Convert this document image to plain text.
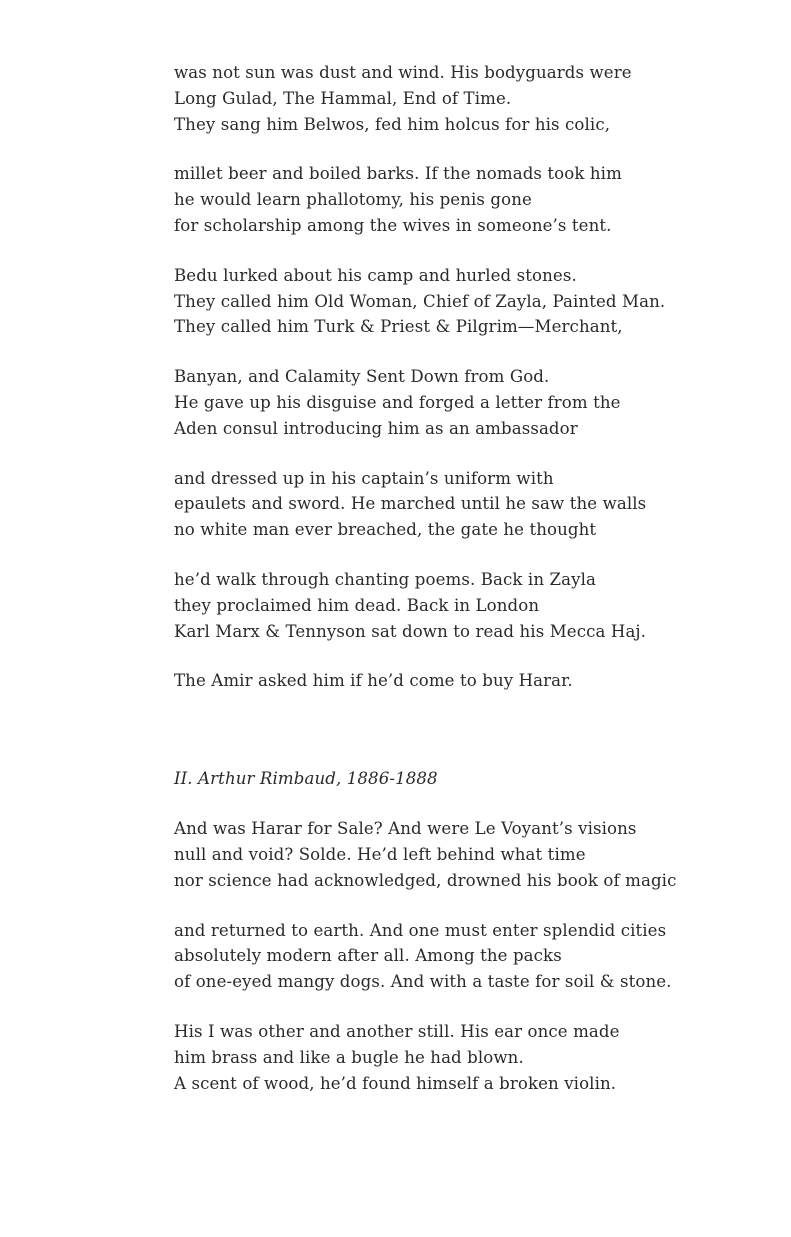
was not sun was dust and wind. His bodyguards were
Long Gulad, The Hammal, End of Time.
They sang him Belwos, fed him holcus for his colic,
millet beer and boiled barks. If the nomads took him
he would learn phallotomy, his penis gone
for scholarship among the wives in someone’s tent.
Bedu lurked about his camp and hurled stones.
They called him Old Woman, Chief of Zayla, Painted Man.
They called him Turk & Priest & Pilgrim—Merchant,
Banyan, and Calamity Sent Down from God.
He gave up his disguise and forged a letter from the
Aden consul introducing him as an ambassador
and dressed up in his captain’s uniform with
epaulets and sword. He marched until he saw the walls
no white man ever breached, the gate he thought
he’d walk through chanting poems. Back in Zayla
they proclaimed him dead. Back in London
Karl Marx & Tennyson sat down to read his Mecca Haj.
The Amir asked him if he’d come to buy Harar.
II. Arthur Rimbaud, 1886-1888
And was Harar for Sale? And were Le Voyant’s visions
null and void? Solde. He’d left behind what time
nor science had acknowledged, drowned his book of magic
and returned to earth. And one must enter splendid cities
absolutely modern after all. Among the packs
of one-eyed mangy dogs. And with a taste for soil & stone.
His I was other and another still. His ear once made
him brass and like a bugle he had blown.
A scent of wood, he’d found himself a broken violin.
